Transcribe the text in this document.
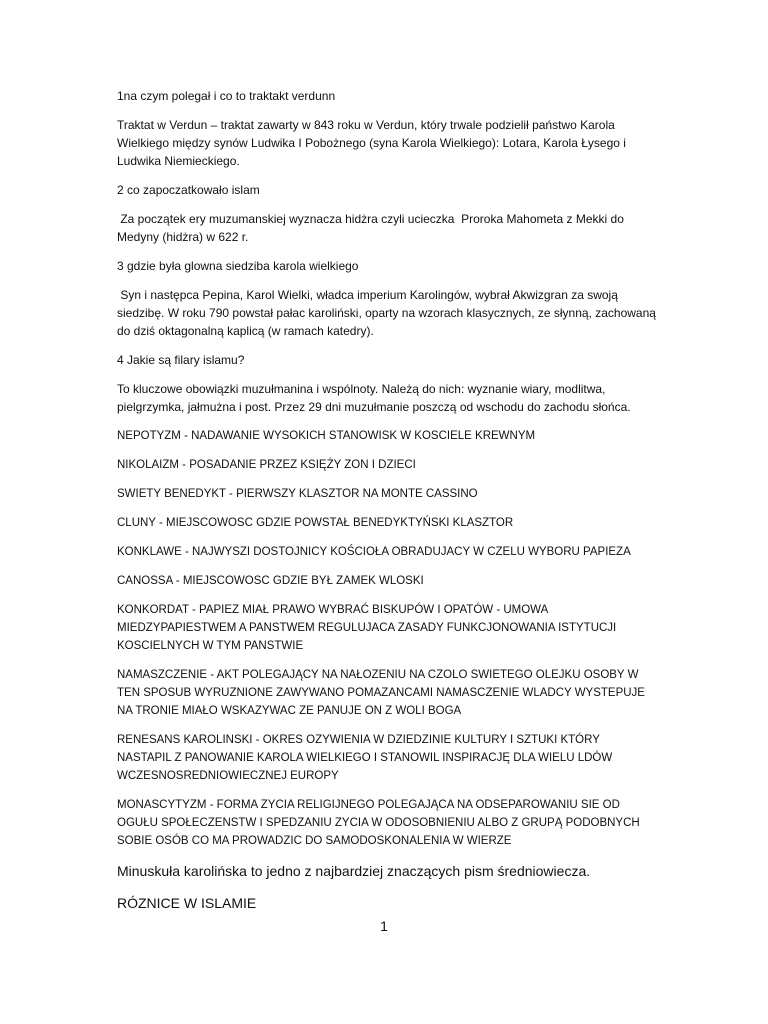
1na czym polegał i co to traktakt verdunn

Traktat w Verdun – traktat zawarty w 843 roku w Verdun, który trwale podzielił państwo Karola Wielkiego między synów Ludwika I Pobożnego (syna Karola Wielkiego): Lotara, Karola Łysego i Ludwika Niemieckiego.

2 co zapoczatkowało islam

Za początek ery muzumanskiej wyznacza hidżra czyli ucieczka  Proroka Mahometa z Mekki do Medyny (hidżra) w 622 r.

3 gdzie była glowna siedziba karola wielkiego

Syn i następca Pepina, Karol Wielki, władca imperium Karolingów, wybrał Akwizgran za swoją siedzibę. W roku 790 powstał pałac karoliński, oparty na wzorach klasycznych, ze słynną, zachowaną do dziś oktagonalną kaplicą (w ramach katedry).

4 Jakie są filary islamu?

To kluczowe obowiązki muzułmanina i wspólnoty. Należą do nich: wyznanie wiary, modlitwa, pielgrzymka, jałmużna i post. Przez 29 dni muzułmanie poszczą od wschodu do zachodu słońca.

NEPOTYZM - NADAWANIE WYSOKICH STANOWISK W KOSCIELE KREWNYM

NIKOLAIZM - POSADANIE PRZEZ KSIĘŻY ZON I DZIECI

SWIETY BENEDYKT - PIERWSZY KLASZTOR NA MONTE CASSINO

CLUNY - MIEJSCOWOSC GDZIE POWSTAŁ BENEDYKTYŃSKI KLASZTOR

KONKLAWE - NAJWYSZI DOSTOJNICY KOŚCIOŁA OBRADUJACY W CZELU WYBORU PAPIEZA

CANOSSA - MIEJSCOWOSC GDZIE BYŁ ZAMEK WLOSKI

KONKORDAT - PAPIEZ MIAŁ PRAWO WYBRAĆ BISKUPÓW I OPATÓW - UMOWA MIEDZYPAPIESTWEM A PANSTWEM REGULUJACA ZASADY FUNKCJONOWANIA ISTYTUCJI KOSCIELNYCH W TYM PANSTWIE

NAMASZCZENIE - AKT POLEGAJĄCY NA NAŁOZENIU NA CZOLO SWIETEGO OLEJKU OSOBY W TEN SPOSUB WYRUZNIONE ZAWYWANO POMAZANCAMI NAMASCZENIE WLADCY WYSTEPUJE NA TRONIE MIAŁO WSKAZYWAC ZE PANUJE ON Z WOLI BOGA

RENESANS KAROLINSKI - OKRES OZYWIENIA W DZIEDZINIE KULTURY I SZTUKI KTÓRY NASTAPIL Z PANOWANIE KAROLA WIELKIEGO I STANOWIL INSPIRACJĘ DLA WIELU LDÓW WCZESNOSREDNIOWIECZNEJ EUROPY

MONASCYTYZM - FORMA ZYCIA RELIGIJNEGO POLEGAJĄCA NA ODSEPAROWANIU SIE OD OGUŁU SPOŁECZENSTW I SPEDZANIU ZYCIA W ODOSOBNIENIU ALBO Z GRUPĄ PODOBNYCH SOBIE OSÓB CO MA PROWADZIC DO SAMODOSKONALENIA W WIERZE

Minuskuła karolińska to jedno z najbardziej znaczących pism średniowiecza.

RÓZNICE W ISLAMIE

1
